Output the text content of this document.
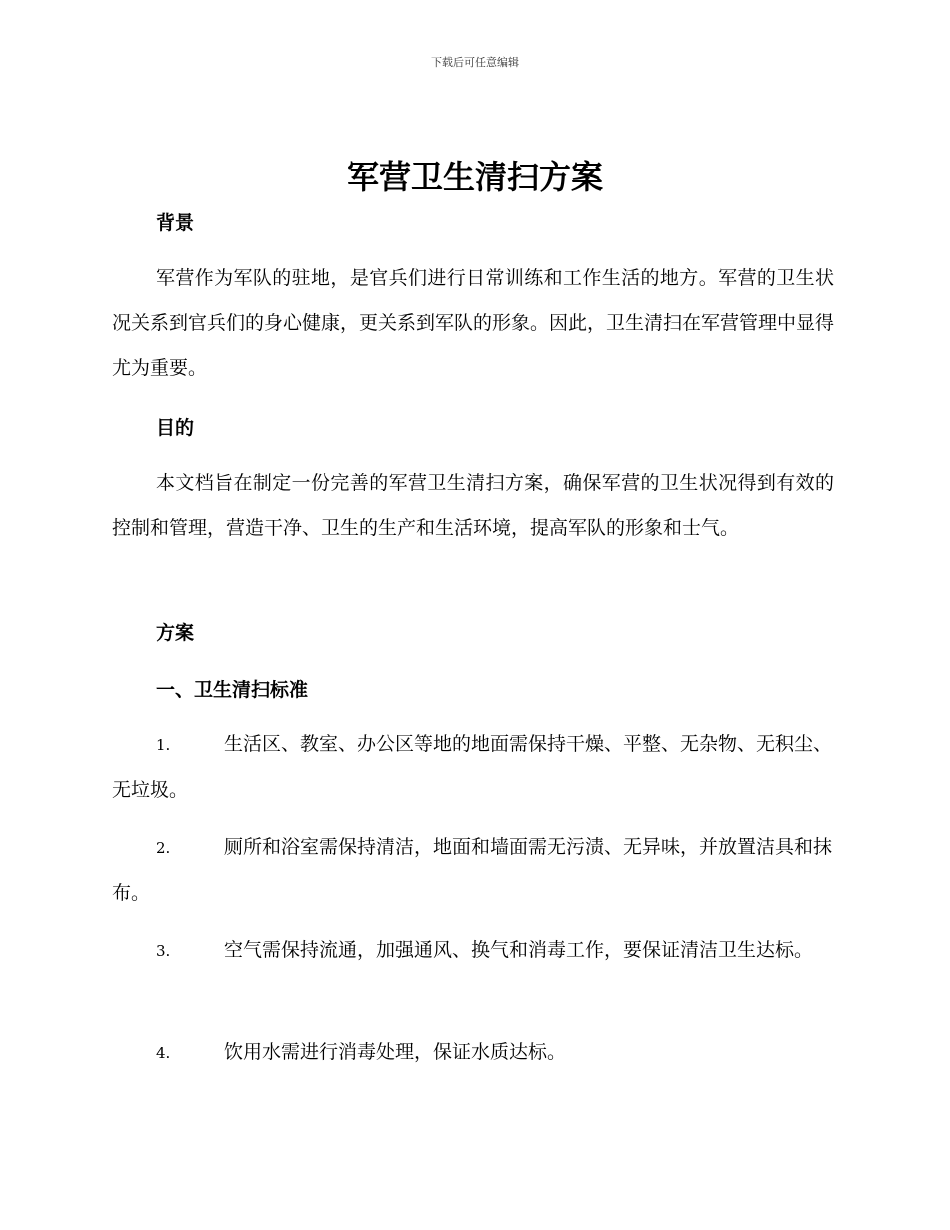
下载后可任意编辑
军营卫生清扫方案
背景

军营作为军队的驻地，是官兵们进行日常训练和工作生活的地方。军营的卫生状况关系到官兵们的身心健康，更关系到军队的形象。因此，卫生清扫在军营管理中显得尤为重要。

目的

本文档旨在制定一份完善的军营卫生清扫方案，确保军营的卫生状况得到有效的控制和管理，营造干净、卫生的生产和生活环境，提高军队的形象和士气。

方案
一、卫生清扫标准
1.	生活区、教室、办公区等地的地面需保持干燥、平整、无杂物、无积尘、无垃圾。
2.	厕所和浴室需保持清洁，地面和墙面需无污渍、无异味，并放置洁具和抹布。
3.	空气需保持流通，加强通风、换气和消毒工作，要保证清洁卫生达标。
4.	饮用水需进行消毒处理，保证水质达标。
